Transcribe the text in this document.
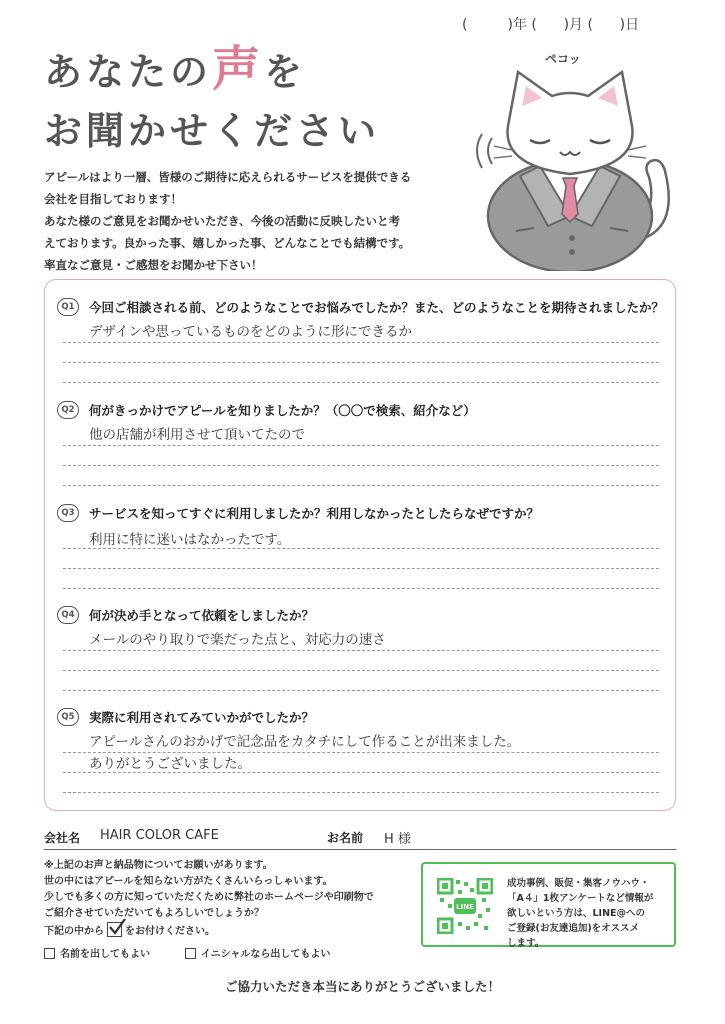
(         )年 (      )月 (      )日
あなたの声を
お聞かせください
アピールはより一層、皆様のご期待に応えられるサービスを提供できる
会社を目指しております！
あなた様のご意見をお聞かせいただき、今後の活動に反映したいと考
えております。良かった事、嬉しかった事、どんなことでも結構です。
率直なご意見・ご感想をお聞かせ下さい！
ペコッ
Q1	今回ご相談される前、どのようなことでお悩みでしたか？また、どのようなことを期待されましたか？
デザインや思っているものをどのように形にできるか
Q2	何がきっかけでアピールを知りましたか？（〇〇で検索、紹介など）
他の店舗が利用させて頂いてたので
Q3	サービスを知ってすぐに利用しましたか？利用しなかったとしたらなぜですか？
利用に特に迷いはなかったです。
Q4	何が決め手となって依頼をしましたか？
メールのやり取りで楽だった点と、対応力の速さ
Q5	実際に利用されてみていかがでしたか？
アピールさんのおかげで記念品をカタチにして作ることが出来ました。
ありがとうございました。
会社名 HAIR COLOR CAFE	お名前 H 様
※上記のお声と納品物についてお願いがあります。
世の中にはアピールを知らない方がたくさんいらっしゃいます。
少しでも多くの方に知っていただくために弊社のホームページや印刷物で
ご紹介させていただいてもよろしいでしょうか？
下記の中から をお付けください。
名前を出してもよい	イニシャルなら出してもよい
LINE
成功事例、販促・集客ノウハウ・
「A４」1枚アンケートなど情報が
欲しいという方は、LINE@への
ご登録(お友達追加)をオススメ
します。
ご協力いただき本当にありがとうございました！
